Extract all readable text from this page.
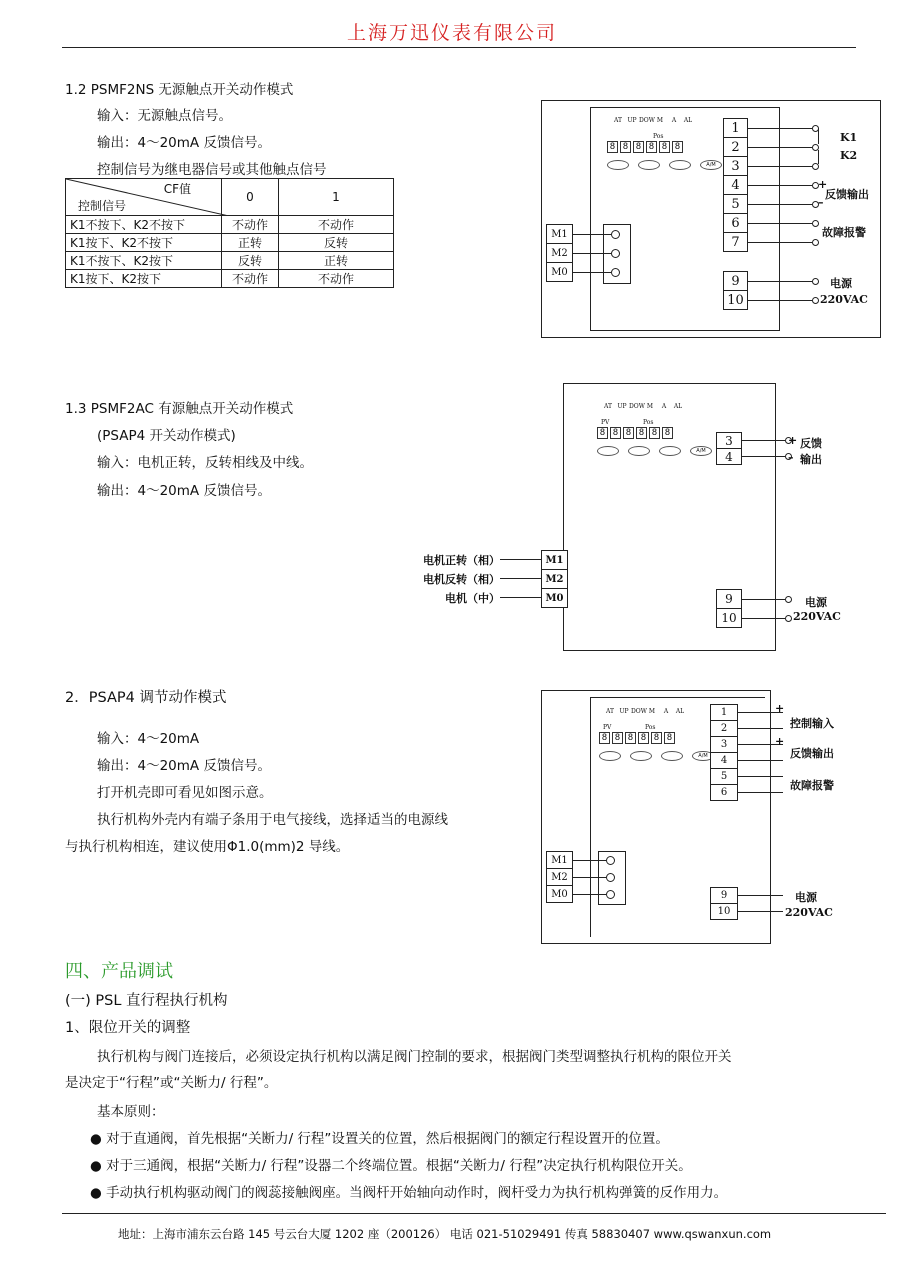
上海万迅仪表有限公司
1.2 PSMF2NS 无源触点开关动作模式
输入：无源触点信号。
输出：4～20mA 反馈信号。
控制信号为继电器信号或其他触点信号
CF值
控制信号	0	1
K1不按下、K2不按下	不动作	不动作
K1按下、K2不按下	正转	反转
K1不按下、K2按下	反转	正转
K1按下、K2按下	不动作	不动作
AT UP DOW M	A	AL
Pos
8 8 8 8 8 8
A/M
1
2
3
4
5
6
7
9
10
M1
M2
M0
K1
K2
+
–
反馈输出
故障报警
电源
220VAC
AT UP DOW M	A	AL
PV	Pos
8 8 8 8 8 8
A/M
3
4
9
10
M1
电机正转（相）
M2
电机反转（相）
M0
电机（中）
+
–
反馈
输出
电源
220VAC
AT UP DOW M	A	AL
PV	Pos
8 8 8 8 8 8
A/M
1
2
3
4
5
6
9
10
M1
M2
M0
+
+
控制输入
反馈输出
故障报警
电源
220VAC
1.3 PSMF2AC 有源触点开关动作模式
(PSAP4 开关动作模式)
输入：电机正转，反转相线及中线。
输出：4～20mA 反馈信号。
2．PSAP4 调节动作模式
输入：4～20mA
输出：4～20mA 反馈信号。
打开机壳即可看见如图示意。
执行机构外壳内有端子条用于电气接线，选择适当的电源线
与执行机构相连，建议使用Φ1.0(mm)2 导线。
四、产品调试
(一) PSL 直行程执行机构
1、限位开关的调整
执行机构与阀门连接后，必须设定执行机构以满足阀门控制的要求，根据阀门类型调整执行机构的限位开关
是决定于“行程”或“关断力/ 行程”。
基本原则：
● 对于直通阀，首先根据“关断力/ 行程”设置关的位置，然后根据阀门的额定行程设置开的位置。
● 对于三通阀，根据“关断力/ 行程”设器二个终端位置。根据“关断力/ 行程”决定执行机构限位开关。
● 手动执行机构驱动阀门的阀蕊接触阀座。当阀杆开始轴向动作时，阀杆受力为执行机构弹簧的反作用力。
地址：上海市浦东云台路 145 号云台大厦 1202 座（200126） 电话 021-51029491 传真 58830407 www.qswanxun.com
